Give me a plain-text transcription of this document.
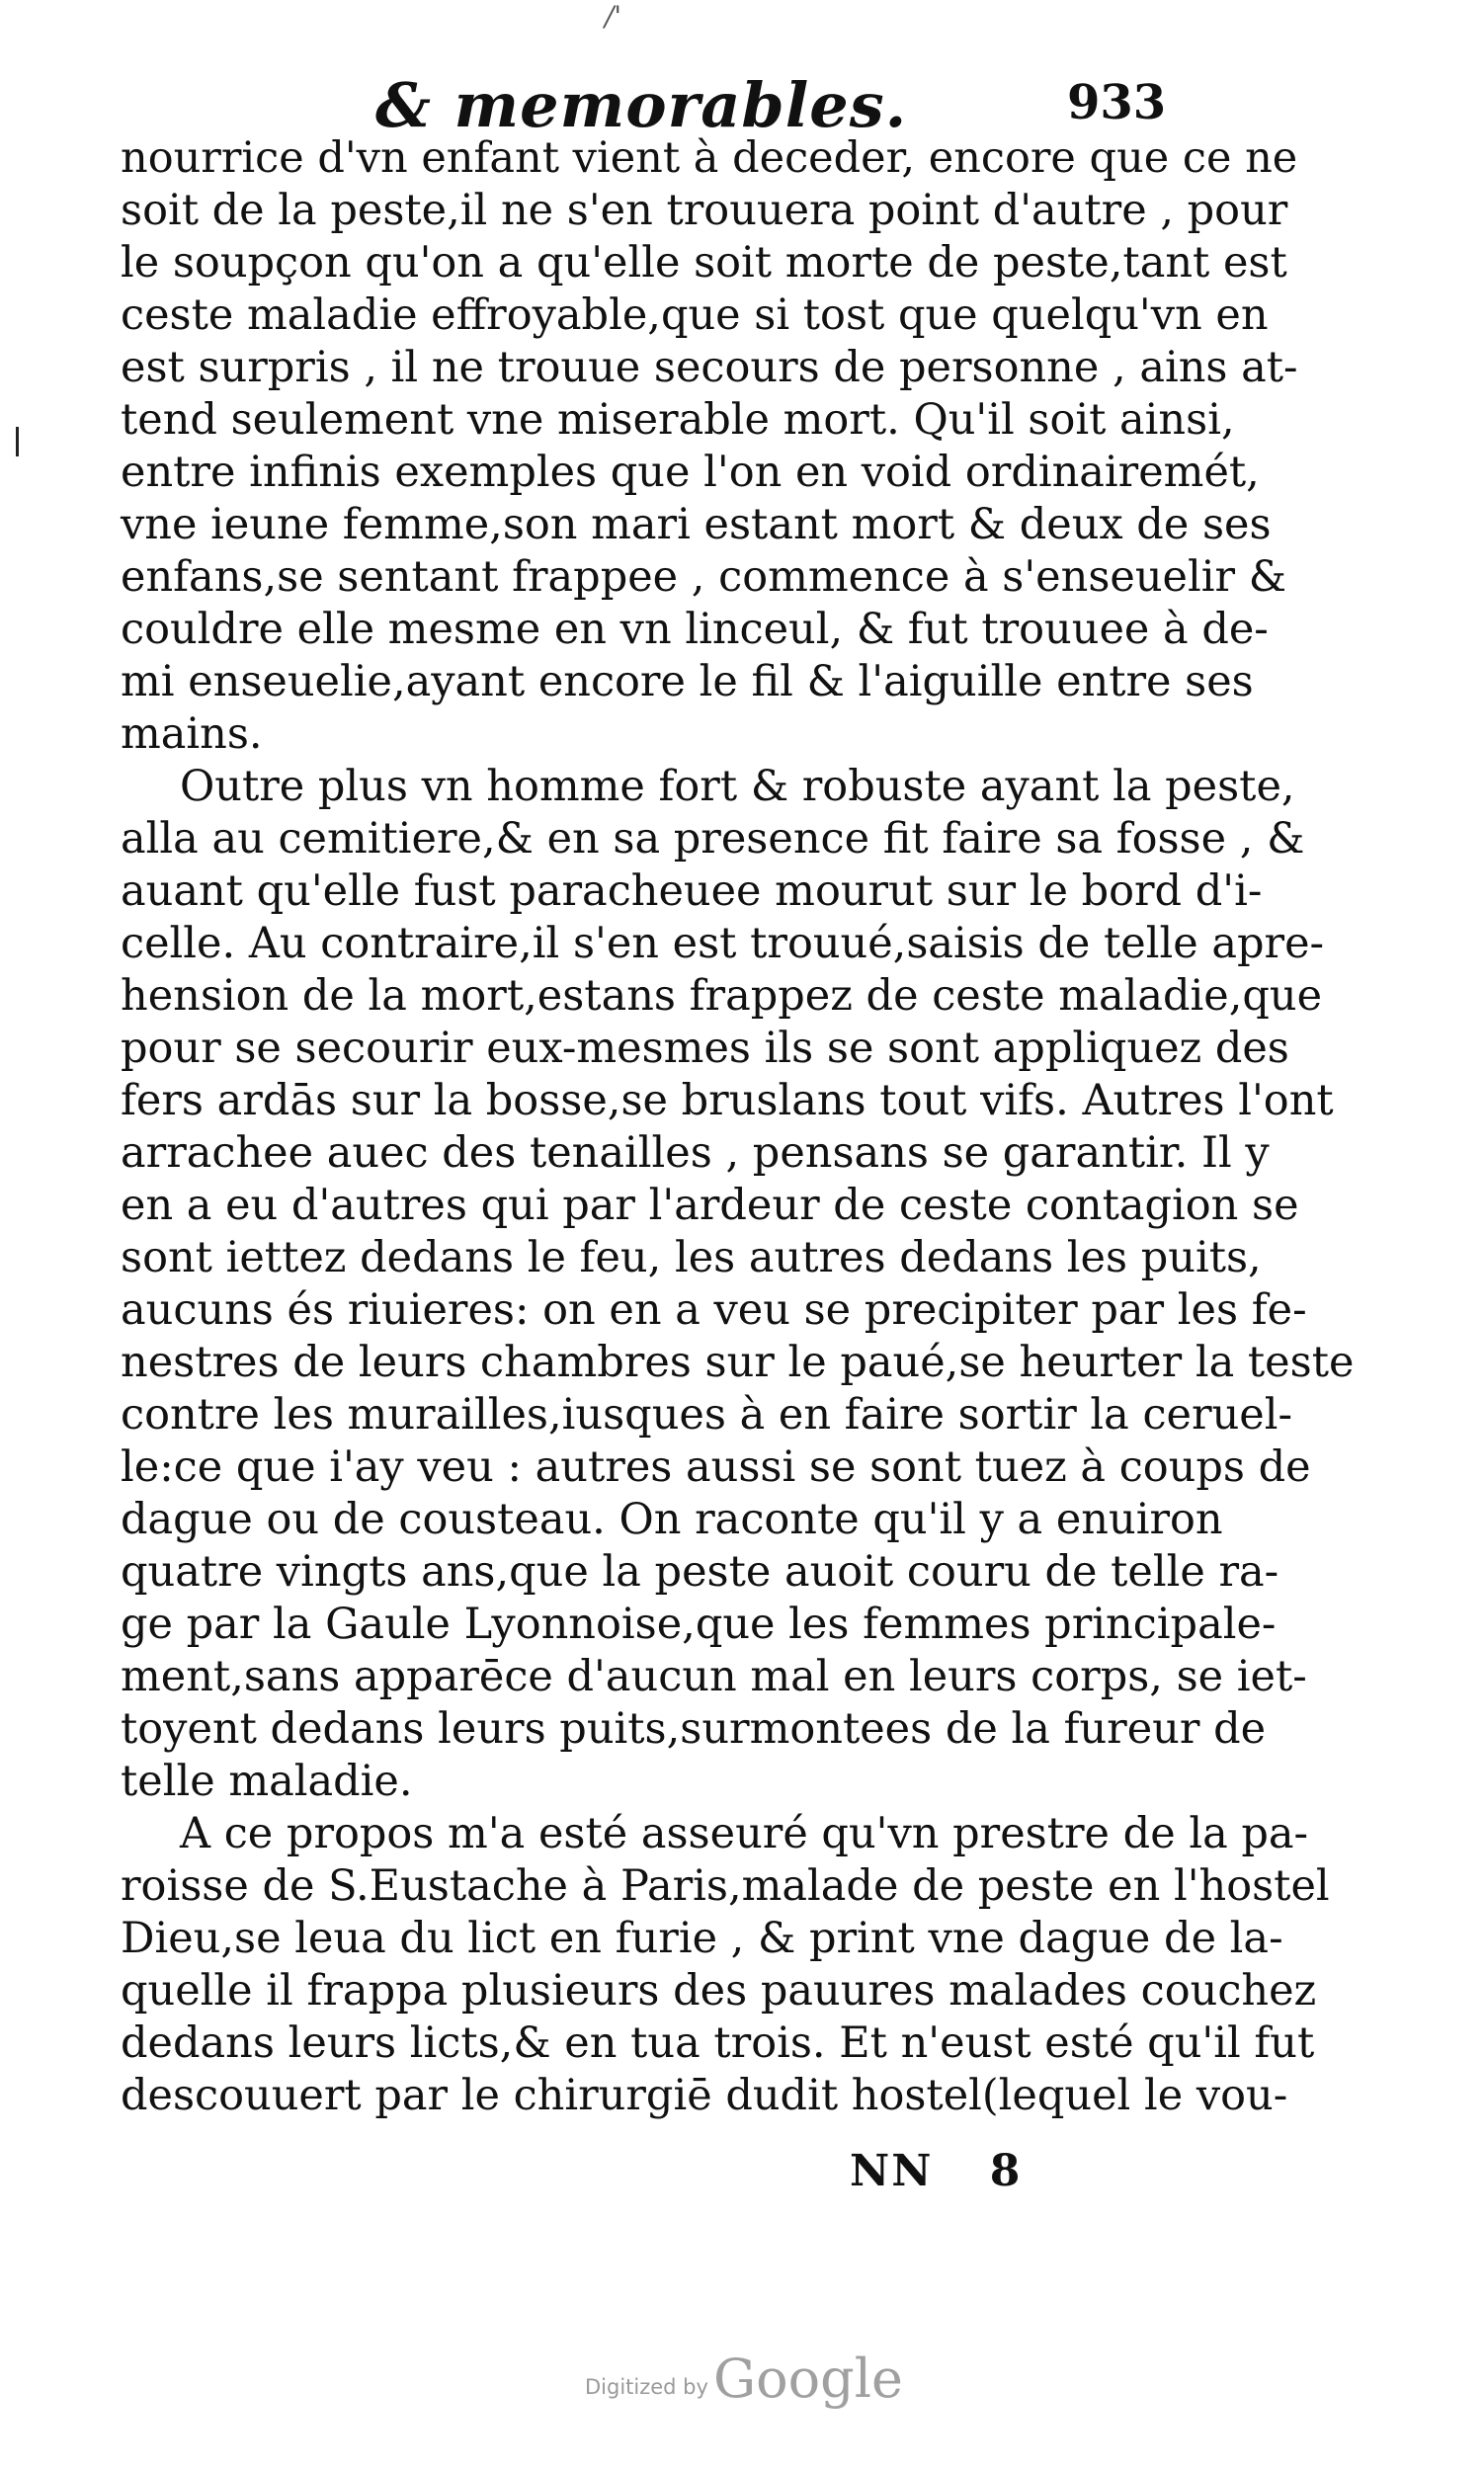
/'
& memorables.	933
nourrice d'vn enfant vient à deceder, encore que ce ne
soit de la peste,il ne s'en trouuera point d'autre , pour
le soupçon qu'on a qu'elle soit morte de peste,tant est
ceste maladie effroyable,que si tost que quelqu'vn en
est surpris , il ne trouue secours de personne , ains at-
tend seulement vne miserable mort. Qu'il soit ainsi,
entre infinis exemples que l'on en void ordinairemét,
vne ieune femme,son mari estant mort & deux de ses
enfans,se sentant frappee , commence à s'enseuelir &
couldre elle mesme en vn linceul, & fut trouuee à de-
mi enseuelie,ayant encore le fil & l'aiguille entre ses
mains.
Outre plus vn homme fort & robuste ayant la peste,
alla au cemitiere,& en sa presence fit faire sa fosse , &
auant qu'elle fust paracheuee mourut sur le bord d'i-
celle. Au contraire,il s'en est trouué,saisis de telle apre-
hension de la mort,estans frappez de ceste maladie,que
pour se secourir eux-mesmes ils se sont appliquez des
fers ardās sur la bosse,se bruslans tout vifs. Autres l'ont
arrachee auec des tenailles , pensans se garantir. Il y
en a eu d'autres qui par l'ardeur de ceste contagion se
sont iettez dedans le feu, les autres dedans les puits,
aucuns és riuieres: on en a veu se precipiter par les fe-
nestres de leurs chambres sur le paué,se heurter la teste
contre les murailles,iusques à en faire sortir la ceruel-
le:ce que i'ay veu : autres aussi se sont tuez à coups de
dague ou de cousteau. On raconte qu'il y a enuiron
quatre vingts ans,que la peste auoit couru de telle ra-
ge par la Gaule Lyonnoise,que les femmes principale-
ment,sans apparēce d'aucun mal en leurs corps, se iet-
toyent dedans leurs puits,surmontees de la fureur de
telle maladie.
A ce propos m'a esté asseuré qu'vn prestre de la pa-
roisse de S.Eustache à Paris,malade de peste en l'hostel
Dieu,se leua du lict en furie , & print vne dague de la-
quelle il frappa plusieurs des pauures malades couchez
dedans leurs licts,& en tua trois. Et n'eust esté qu'il fut
descouuert par le chirurgiē dudit hostel(lequel le vou-
NN 8
Digitized by Google
